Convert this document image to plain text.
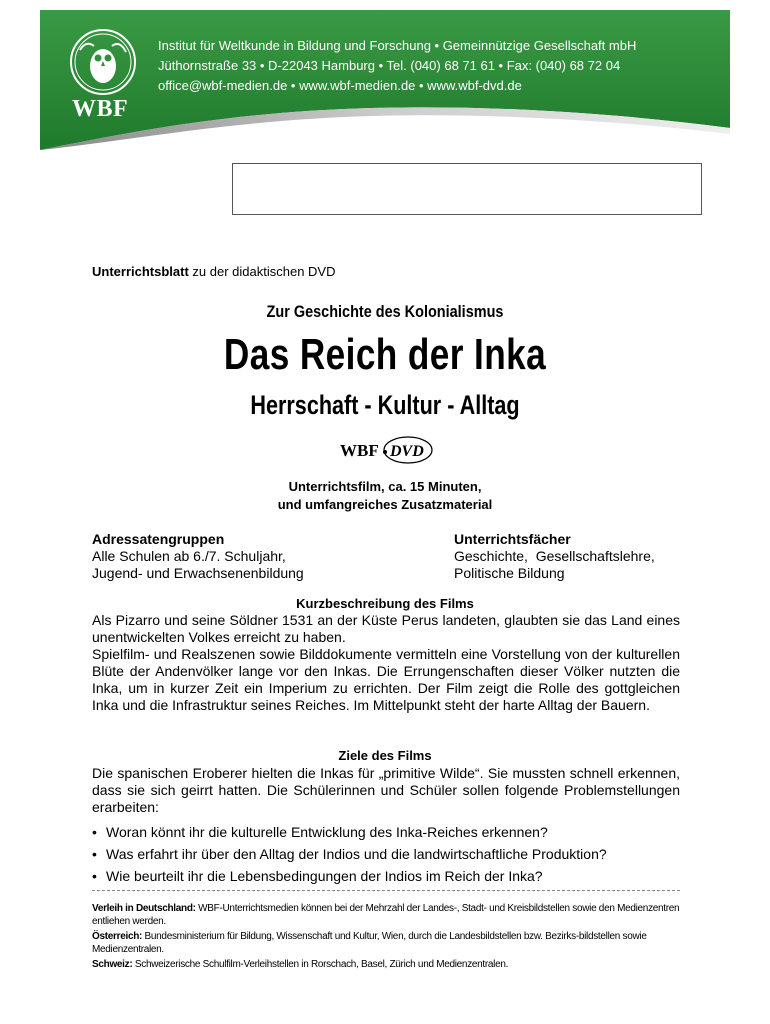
WBF
Institut für Weltkunde in Bildung und Forschung • Gemeinnützige Gesellschaft mbH
Jüthornstraße 33 • D-22043 Hamburg • Tel. (040) 68 71 61 • Fax: (040) 68 72 04
office@wbf-medien.de • www.wbf-medien.de • www.wbf-dvd.de
Unterrichtsblatt zu der didaktischen DVD
Zur Geschichte des Kolonialismus
Das Reich der Inka
Herrschaft - Kultur - Alltag
WBF DVD
Unterrichtsfilm, ca. 15 Minuten,
und umfangreiches Zusatzmaterial
Adressatengruppen
Alle Schulen ab 6./7. Schuljahr,
Jugend- und Erwachsenenbildung
Unterrichtsfächer
Geschichte,  Gesellschaftslehre,
Politische Bildung
Kurzbeschreibung des Films
Als Pizarro und seine Söldner 1531 an der Küste Perus landeten, glaubten sie das Land eines unentwickelten Volkes erreicht zu haben.
Spielfilm- und Realszenen sowie Bilddokumente vermitteln eine Vorstellung von der kulturellen Blüte der Andenvölker lange vor den Inkas. Die Errungenschaften dieser Völker nutzten die Inka, um in kurzer Zeit ein Imperium zu errichten. Der Film zeigt die Rolle des gottgleichen Inka und die Infrastruktur seines Reiches. Im Mittelpunkt steht der harte Alltag der Bauern.
Ziele des Films
Die spanischen Eroberer hielten die Inkas für „primitive Wilde“. Sie mussten schnell erkennen, dass sie sich geirrt hatten. Die Schülerinnen und Schüler sollen folgende Problemstellungen erarbeiten:
• Woran könnt ihr die kulturelle Entwicklung des Inka-Reiches erkennen?
• Was erfahrt ihr über den Alltag der Indios und die landwirtschaftliche Produktion?
• Wie beurteilt ihr die Lebensbedingungen der Indios im Reich der Inka?
Verleih in Deutschland: WBF-Unterrichtsmedien können bei der Mehrzahl der Landes-, Stadt- und Kreisbildstellen sowie den Medienzentren entliehen werden.
Österreich: Bundesministerium für Bildung, Wissenschaft und Kultur, Wien, durch die Landesbildstellen bzw. Bezirks-bildstellen sowie Medienzentralen.
Schweiz: Schweizerische Schulfilm-Verleihstellen in Rorschach, Basel, Zürich und Medienzentralen.
